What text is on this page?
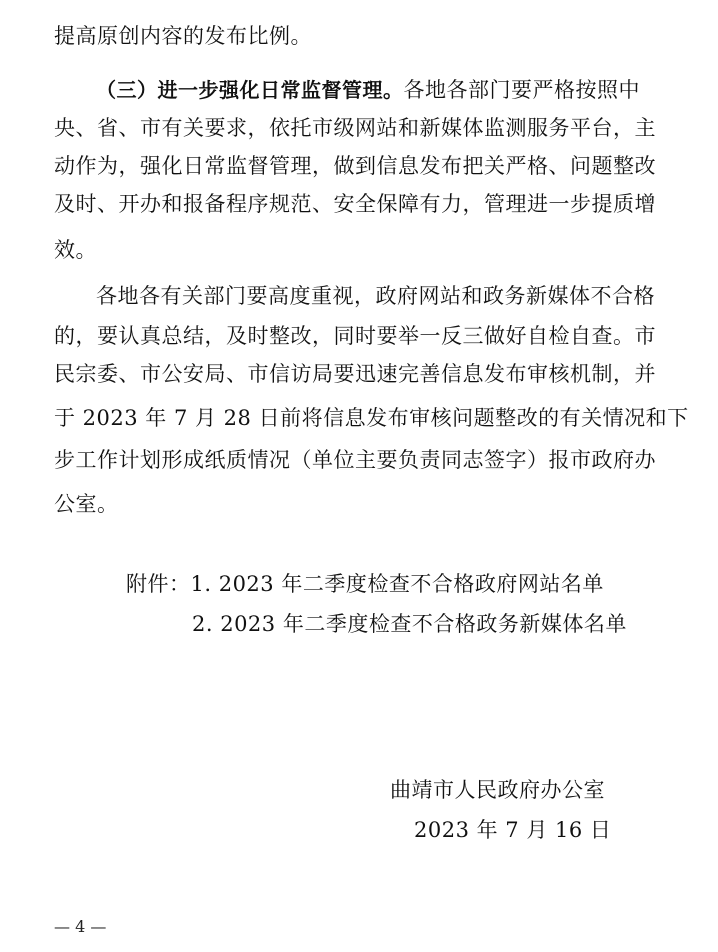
提高原创内容的发布比例。
（三）进一步强化日常监督管理。各地各部门要严格按照中
央、省、市有关要求，依托市级网站和新媒体监测服务平台，主
动作为，强化日常监督管理，做到信息发布把关严格、问题整改
及时、开办和报备程序规范、安全保障有力，管理进一步提质增
效。
各地各有关部门要高度重视，政府网站和政务新媒体不合格
的，要认真总结，及时整改，同时要举一反三做好自检自查。市
民宗委、市公安局、市信访局要迅速完善信息发布审核机制，并
于 2023 年 7 月 28 日前将信息发布审核问题整改的有关情况和下
步工作计划形成纸质情况（单位主要负责同志签字）报市政府办
公室。
附件：1. 2023 年二季度检查不合格政府网站名单
2. 2023 年二季度检查不合格政务新媒体名单
曲靖市人民政府办公室
2023 年 7 月 16 日
— 4 —
